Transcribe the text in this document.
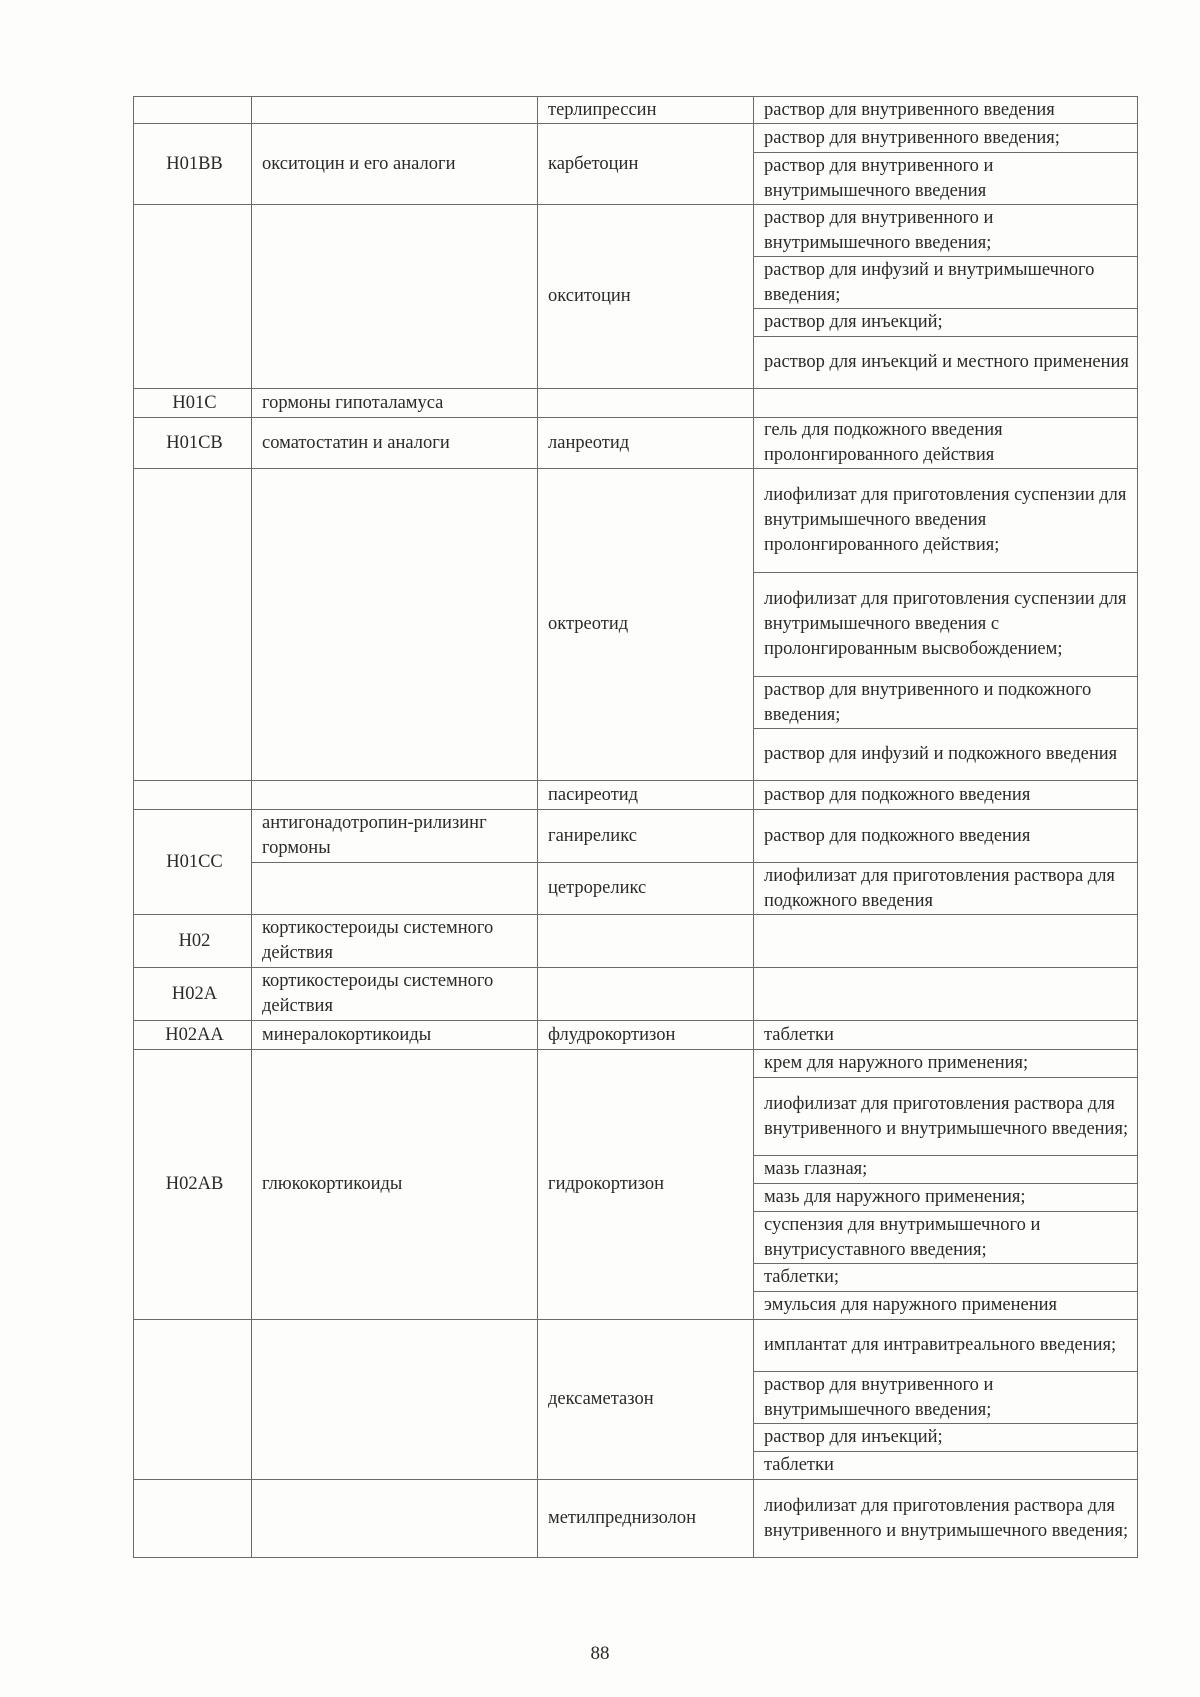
		терлипрессин	раствор для внутривенного введения
H01BB	окситоцин и его аналоги	карбетоцин	раствор для внутривенного введения;
			раствор для внутривенного и внутримышечного введения
		окситоцин	раствор для внутривенного и внутримышечного введения;
			раствор для инфузий и внутримышечного введения;
			раствор для инъекций;
			раствор для инъекций и местного применения
H01C	гормоны гипоталамуса		
H01CB	соматостатин и аналоги	ланреотид	гель для подкожного введения пролонгированного действия
		октреотид	лиофилизат для приготовления суспензии для внутримышечного введения пролонгированного действия;
			лиофилизат для приготовления суспензии для внутримышечного введения с пролонгированным высвобождением;
			раствор для внутривенного и подкожного введения;
			раствор для инфузий и подкожного введения
		пасиреотид	раствор для подкожного введения
H01CC	антигонадотропин-рилизинг гормоны	ганиреликс	раствор для подкожного введения
		цетрореликс	лиофилизат для приготовления раствора для подкожного введения
H02	кортикостероиды системного действия		
H02A	кортикостероиды системного действия		
H02AA	минералокортикоиды	флудрокортизон	таблетки
H02AB	глюкокортикоиды	гидрокортизон	крем для наружного применения;
			лиофилизат для приготовления раствора для внутривенного и внутримышечного введения;
			мазь глазная;
			мазь для наружного применения;
			суспензия для внутримышечного и внутрисуставного введения;
			таблетки;
			эмульсия для наружного применения
		дексаметазон	имплантат для интравитреального введения;
			раствор для внутривенного и внутримышечного введения;
			раствор для инъекций;
			таблетки
		метилпреднизолон	лиофилизат для приготовления раствора для внутривенного и внутримышечного введения;
88
